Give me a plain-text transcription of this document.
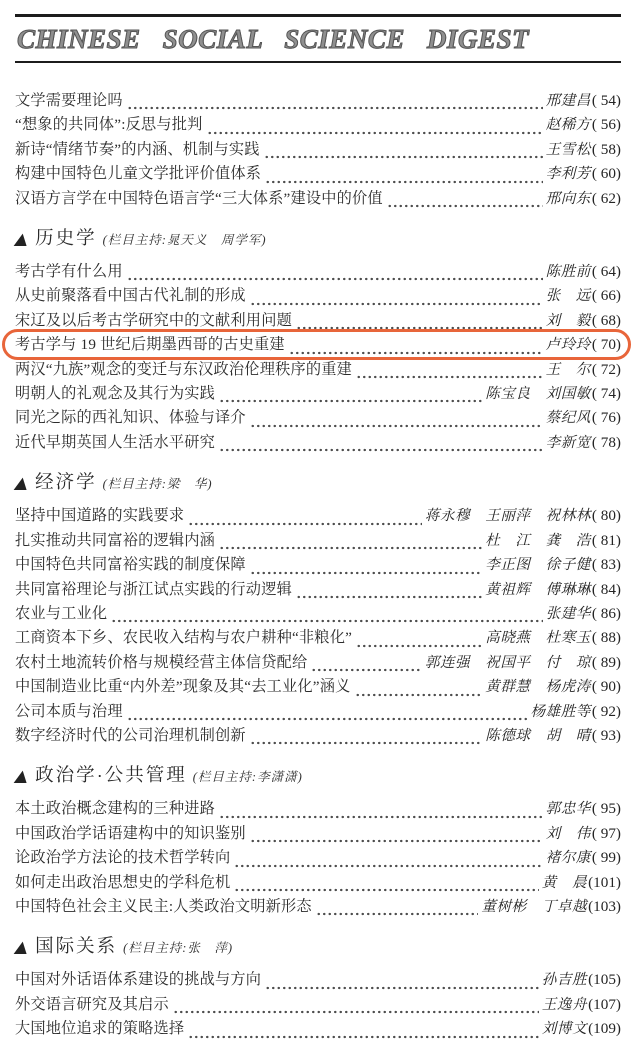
CHINESE SOCIAL SCIENCE DIGEST
文学需要理论吗	邢建昌 ( 54)
“想象的共同体”:反思与批判	赵稀方 ( 56)
新诗“情绪节奏”的内涵、机制与实践	王雪松 ( 58)
构建中国特色儿童文学批评价值体系	李利芳 ( 60)
汉语方言学在中国特色语言学“三大体系”建设中的价值	邢向东 ( 62)
▲ 历史学 (栏目主持:晁天义　周学军)
考古学有什么用	陈胜前 ( 64)
从史前聚落看中国古代礼制的形成	张　远 ( 66)
宋辽及以后考古学研究中的文献利用问题	刘　毅 ( 68)
考古学与 19 世纪后期墨西哥的古史重建	卢玲玲 ( 70)
两汉“九族”观念的变迁与东汉政治伦理秩序的重建	王　尔 ( 72)
明朝人的礼观念及其行为实践	陈宝良　刘国敏 ( 74)
同光之际的西礼知识、体验与译介	蔡纪风 ( 76)
近代早期英国人生活水平研究	李新宽 ( 78)
▲ 经济学 (栏目主持:梁　华)
坚持中国道路的实践要求	蒋永穆　王丽萍　祝林林 ( 80)
扎实推动共同富裕的逻辑内涵	杜　江　龚　浩 ( 81)
中国特色共同富裕实践的制度保障	李正图　徐子健 ( 83)
共同富裕理论与浙江试点实践的行动逻辑	黄祖辉　傅琳琳 ( 84)
农业与工业化	张建华 ( 86)
工商资本下乡、农民收入结构与农户耕种“非粮化”	高晓燕　杜寒玉 ( 88)
农村土地流转价格与规模经营主体信贷配给	郭连强　祝国平　付　琼 ( 89)
中国制造业比重“内外差”现象及其“去工业化”涵义	黄群慧　杨虎涛 ( 90)
公司本质与治理	杨雄胜等 ( 92)
数字经济时代的公司治理机制创新	陈德球　胡　晴 ( 93)
▲ 政治学·公共管理 (栏目主持:李潇潇)
本土政治概念建构的三种进路	郭忠华 ( 95)
中国政治学话语建构中的知识鉴别	刘　伟 ( 97)
论政治学方法论的技术哲学转向	褚尔康 ( 99)
如何走出政治思想史的学科危机	黄　晨 (101)
中国特色社会主义民主:人类政治文明新形态	董树彬　丁卓越 (103)
▲ 国际关系 (栏目主持:张　萍)
中国对外话语体系建设的挑战与方向	孙吉胜 (105)
外交语言研究及其启示	王逸舟 (107)
大国地位追求的策略选择	刘博文 (109)
